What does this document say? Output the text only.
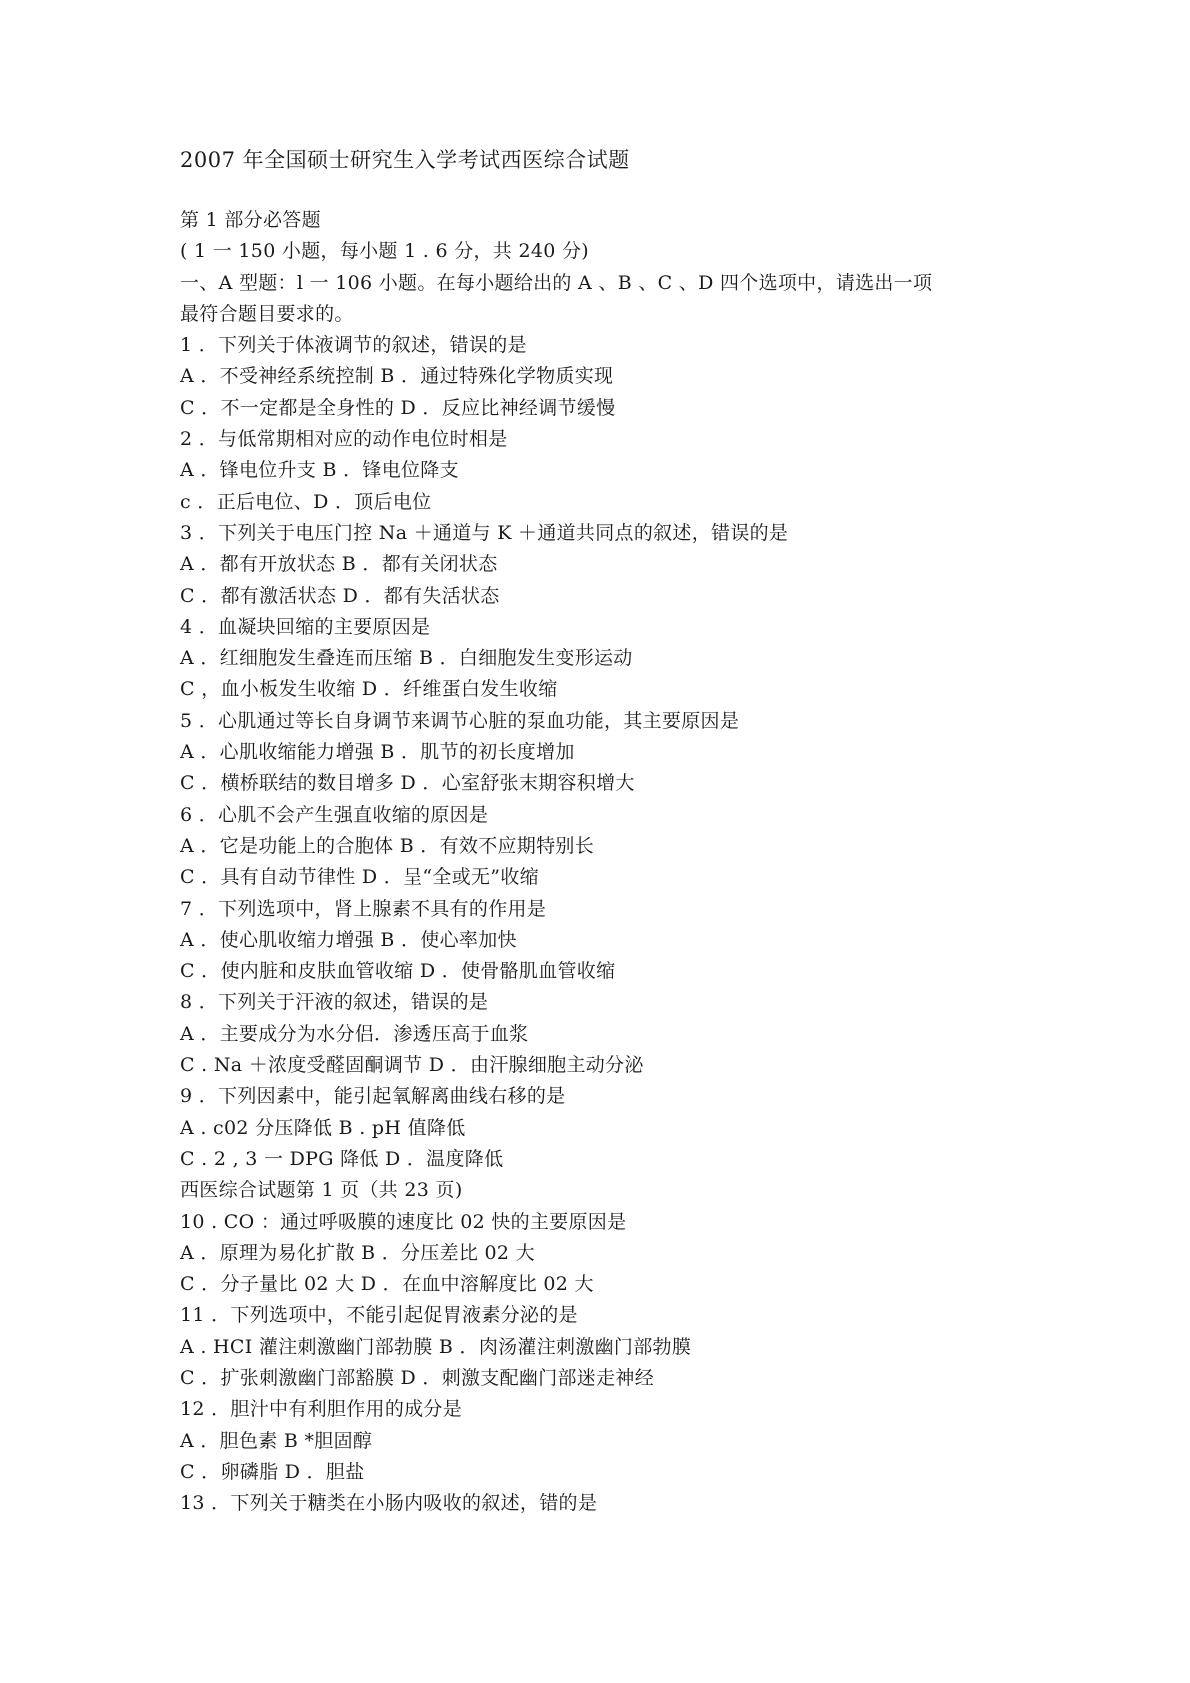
2007 年全国硕士研究生入学考试西医综合试题
第 1 部分必答题
( 1 一 150 小题，每小题 1 . 6 分，共 240 分)
一、A 型题：l 一 106 小题。在每小题给出的 A 、B 、C 、D 四个选项中，请选出一项
最符合题目要求的。
1 ．下列关于体液调节的叙述，错误的是
A ．不受神经系统控制 B ．通过特殊化学物质实现
C ．不一定都是全身性的 D ．反应比神经调节缓慢
2 ．与低常期相对应的动作电位时相是
A ．锋电位升支 B ．锋电位降支
c ．正后电位、D ．顶后电位
3 ．下列关于电压门控 Na ＋通道与 K ＋通道共同点的叙述，错误的是
A ．都有开放状态 B ．都有关闭状态
C ．都有激活状态 D ．都有失活状态
4 ．血凝块回缩的主要原因是
A ．红细胞发生叠连而压缩 B ．白细胞发生变形运动
C ，血小板发生收缩 D ．纤维蛋白发生收缩
5 ．心肌通过等长自身调节来调节心脏的泵血功能，其主要原因是
A ．心肌收缩能力增强 B ．肌节的初长度增加
C ．横桥联结的数目增多 D ．心室舒张末期容积增大
6 ．心肌不会产生强直收缩的原因是
A ．它是功能上的合胞体 B ．有效不应期特别长
C ．具有自动节律性 D ．呈“全或无”收缩
7 ．下列选项中，肾上腺素不具有的作用是
A ．使心肌收缩力增强 B ．使心率加快
C ．使内脏和皮肤血管收缩 D ．使骨骼肌血管收缩
8 ．下列关于汗液的叙述，错误的是
A ．主要成分为水分侣．渗透压高于血浆
C . Na ＋浓度受醛固酮调节 D ．由汗腺细胞主动分泌
9 ．下列因素中，能引起氧解离曲线右移的是
A . c02 分压降低 B . pH 值降低
C . 2 , 3 一 DPG 降低 D ．温度降低
西医综合试题第 1 页（共 23 页)
10 . CO ：通过呼吸膜的速度比 02 快的主要原因是
A ．原理为易化扩散 B ．分压差比 02 大
C ．分子量比 02 大 D ．在血中溶解度比 02 大
11 ．下列选项中，不能引起促胃液素分泌的是
A . HCI 灌注刺激幽门部勃膜 B ．肉汤灌注刺激幽门部勃膜
C ．扩张刺激幽门部豁膜 D ．刺激支配幽门部迷走神经
12 ．胆汁中有利胆作用的成分是
A ．胆色素 B *胆固醇
C ．卵磷脂 D ．胆盐
13 ．下列关于糖类在小肠内吸收的叙述，错的是
